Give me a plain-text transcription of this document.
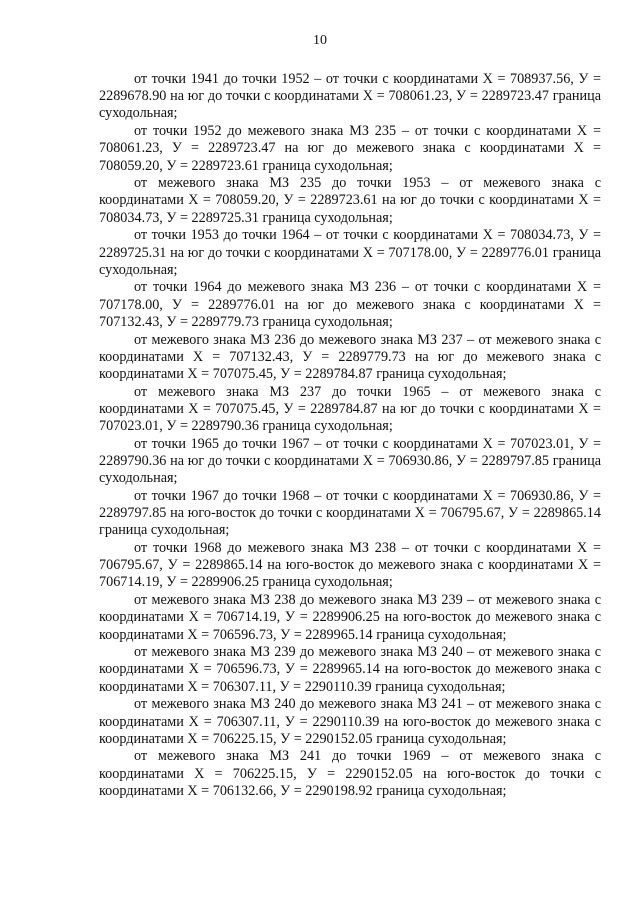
10

от точки 1941 до точки 1952 – от точки с координатами Х = 708937.56, У = 2289678.90 на юг до точки с координатами Х = 708061.23, У = 2289723.47 граница суходольная;

от точки 1952 до межевого знака МЗ 235 – от точки с координатами Х = 708061.23, У = 2289723.47 на юг до межевого знака с координатами Х = 708059.20, У = 2289723.61 граница суходольная;

от межевого знака МЗ 235 до точки 1953 – от межевого знака с координатами Х = 708059.20, У = 2289723.61 на юг до точки с координатами Х = 708034.73, У = 2289725.31 граница суходольная;

от точки 1953 до точки 1964 – от точки с координатами Х = 708034.73, У = 2289725.31 на юг до точки с координатами Х = 707178.00, У = 2289776.01 граница суходольная;

от точки 1964 до межевого знака МЗ 236 – от точки с координатами Х = 707178.00, У = 2289776.01 на юг до межевого знака с координатами Х = 707132.43, У = 2289779.73 граница суходольная;

от межевого знака МЗ 236 до межевого знака МЗ 237 – от межевого знака с координатами Х = 707132.43, У = 2289779.73 на юг до межевого знака с координатами Х = 707075.45, У = 2289784.87 граница суходольная;

от межевого знака МЗ 237 до точки 1965 – от межевого знака с координатами Х = 707075.45, У = 2289784.87 на юг до точки с координатами Х = 707023.01, У = 2289790.36 граница суходольная;

от точки 1965 до точки 1967 – от точки с координатами Х = 707023.01, У = 2289790.36 на юг до точки с координатами Х = 706930.86, У = 2289797.85 граница суходольная;

от точки 1967 до точки 1968 – от точки с координатами Х = 706930.86, У = 2289797.85 на юго-восток до точки с координатами Х = 706795.67, У = 2289865.14 граница суходольная;

от точки 1968 до межевого знака МЗ 238 – от точки с координатами Х = 706795.67, У = 2289865.14 на юго-восток до межевого знака с координатами Х = 706714.19, У = 2289906.25 граница суходольная;

от межевого знака МЗ 238 до межевого знака МЗ 239 – от межевого знака с координатами Х = 706714.19, У = 2289906.25 на юго-восток до межевого знака с координатами Х = 706596.73, У = 2289965.14 граница суходольная;

от межевого знака МЗ 239 до межевого знака МЗ 240 – от межевого знака с координатами Х = 706596.73, У = 2289965.14 на юго-восток до межевого знака с координатами Х = 706307.11, У = 2290110.39 граница суходольная;

от межевого знака МЗ 240 до межевого знака МЗ 241 – от межевого знака с координатами Х = 706307.11, У = 2290110.39 на юго-восток до межевого знака с координатами Х = 706225.15, У = 2290152.05 граница суходольная;

от межевого знака МЗ 241 до точки 1969 – от межевого знака с координатами Х = 706225.15, У = 2290152.05 на юго-восток до точки с координатами Х = 706132.66, У = 2290198.92 граница суходольная;
